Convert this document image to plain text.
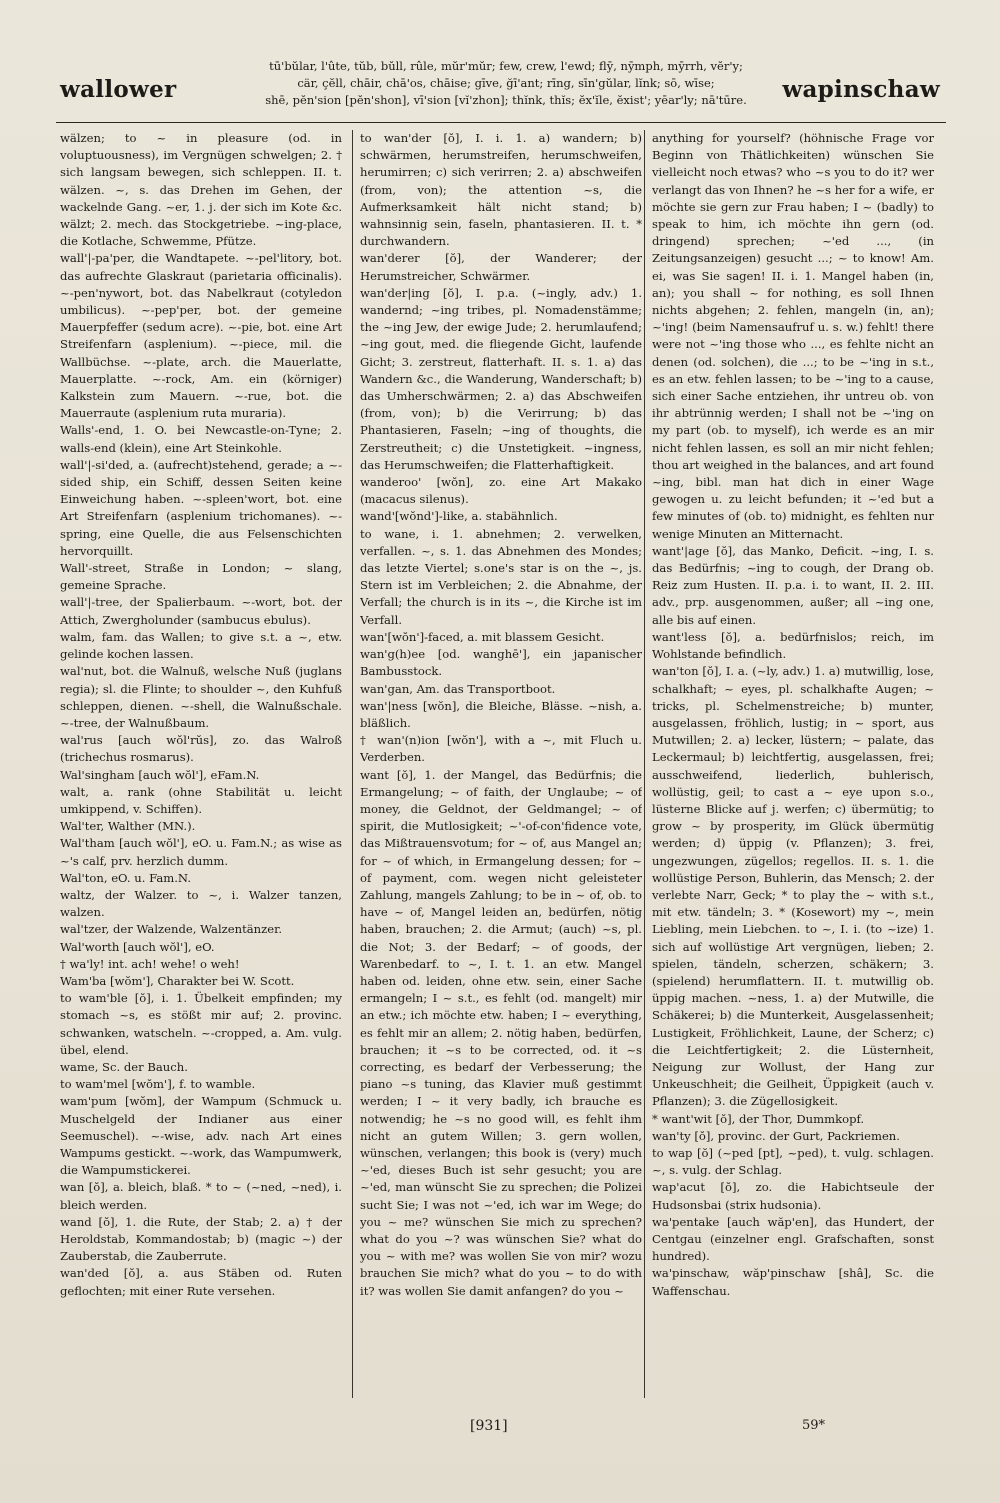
wallower
tū'bŭlar, l'ûte, tŭb, bŭll, rûle, mŭr'mŭr; few, crew, l'ewd; flȳ, nȳmph, mȳrrh, vĕr'y;
cär, çĕll, chāir, chā'os, chāise; gīve, ğī'ant; rīng, sīn'gŭlar, lĭnk; sō, wīse;
shē, pĕn'sion [pĕn'shon], vī'sion [vĭ'zhon]; thĭnk, thĭs; ĕx'ĭle, ĕxist'; yēar'ly; nā'tūre.	wapinschaw

wälzen; to ~ in pleasure (od. in voluptuousness), im Vergnügen schwelgen; 2. † sich langsam bewegen, sich schleppen. II. t. wälzen. ~, s. das Drehen im Gehen, der wackelnde Gang. ~er, 1. j. der sich im Kote &c. wälzt; 2. mech. das Stockgetriebe. ~ing-place, die Kotlache, Schwemme, Pfütze.

wall'|-pa'per, die Wandtapete. ~-pel'litory, bot. das aufrechte Glaskraut (parietaria officinalis). ~-pen'nywort, bot. das Nabelkraut (cotyledon umbilicus). ~-pep'per, bot. der gemeine Mauerpfeffer (sedum acre). ~-pie, bot. eine Art Streifenfarn (asplenium). ~-piece, mil. die Wallbüchse. ~-plate, arch. die Mauerlatte, Mauerplatte. ~-rock, Am. ein (körniger) Kalkstein zum Mauern. ~-rue, bot. die Mauerraute (asplenium ruta muraria).

Walls'-end, 1. O. bei Newcastle-on-Tyne; 2. walls-end (klein), eine Art Steinkohle.

wall'|-si'ded, a. (aufrecht)stehend, gerade; a ~-sided ship, ein Schiff, dessen Seiten keine Einweichung haben. ~-spleen'wort, bot. eine Art Streifenfarn (asplenium trichomanes). ~-spring, eine Quelle, die aus Felsenschichten hervorquillt.

Wall'-street, Straße in London; ~ slang, gemeine Sprache.

wall'|-tree, der Spalierbaum. ~-wort, bot. der Attich, Zwergholunder (sambucus ebulus).

walm, fam. das Wallen; to give s.t. a ~, etw. gelinde kochen lassen.

wal'nut, bot. die Walnuß, welsche Nuß (juglans regia); sl. die Flinte; to shoulder ~, den Kuhfuß schleppen, dienen. ~-shell, die Walnußschale. ~-tree, der Walnußbaum.

wal'rus [auch wŏl'rŭs], zo. das Walroß (trichechus rosmarus).

Wal'singham [auch wŏl'], eFam.N.

walt, a. rank (ohne Stabilität u. leicht umkippend, v. Schiffen).

Wal'ter, Walther (MN.).

Wal'tham [auch wŏl'], eO. u. Fam.N.; as wise as ~'s calf, prv. herzlich dumm.

Wal'ton, eO. u. Fam.N.

waltz, der Walzer. to ~, i. Walzer tanzen, walzen.

wal'tzer, der Walzende, Walzentänzer.

Wal'worth [auch wŏl'], eO.

† wa'ly! int. ach! wehe! o weh!

Wam'ba [wŏm'], Charakter bei W. Scott.

to wam'ble [ŏ], i. 1. Übelkeit empfinden; my stomach ~s, es stößt mir auf; 2. provinc. schwanken, watscheln. ~-cropped, a. Am. vulg. übel, elend.

wame, Sc. der Bauch.

to wam'mel [wŏm'], f. to wamble.

wam'pum [wŏm], der Wampum (Schmuck u. Muschelgeld der Indianer aus einer Seemuschel). ~-wise, adv. nach Art eines Wampums gestickt. ~-work, das Wampumwerk, die Wampumstickerei.

wan [ŏ], a. bleich, blaß. * to ~ (~ned, ~ned), i. bleich werden.

wand [ŏ], 1. die Rute, der Stab; 2. a) † der Heroldstab, Kommandostab; b) (magic ~) der Zauberstab, die Zauberrute.

wan'ded [ŏ], a. aus Stäben od. Ruten geflochten; mit einer Rute versehen.

to wan'der [ŏ], I. i. 1. a) wandern; b) schwärmen, herumstreifen, herumschweifen, herumirren; c) sich verirren; 2. a) abschweifen (from, von); the attention ~s, die Aufmerksamkeit hält nicht stand; b) wahnsinnig sein, faseln, phantasieren. II. t. * durchwandern.

wan'derer [ŏ], der Wanderer; der Herumstreicher, Schwärmer.

wan'der|ing [ŏ], I. p.a. (~ingly, adv.) 1. wandernd; ~ing tribes, pl. Nomadenstämme; the ~ing Jew, der ewige Jude; 2. herumlaufend; ~ing gout, med. die fliegende Gicht, laufende Gicht; 3. zerstreut, flatterhaft. II. s. 1. a) das Wandern &c., die Wanderung, Wanderschaft; b) das Umherschwärmen; 2. a) das Abschweifen (from, von); b) die Verirrung; b) das Phantasieren, Faseln; ~ing of thoughts, die Zerstreutheit; c) die Unstetigkeit. ~ingness, das Herumschweifen; die Flatterhaftigkeit.

wanderoo' [wŏn], zo. eine Art Makako (macacus silenus).

wand'[wŏnd']-like, a. stabähnlich.

to wane, i. 1. abnehmen; 2. verwelken, verfallen. ~, s. 1. das Abnehmen des Mondes; das letzte Viertel; s.one's star is on the ~, js. Stern ist im Verbleichen; 2. die Abnahme, der Verfall; the church is in its ~, die Kirche ist im Verfall.

wan'[wŏn']-faced, a. mit blassem Gesicht.

wan'g(h)ee [od. wanghē'], ein japanischer Bambusstock.

wan'gan, Am. das Transportboot.

wan'|ness [wŏn], die Bleiche, Blässe. ~nish, a. bläßlich.

† wan'(n)ion [wŏn'], with a ~, mit Fluch u. Verderben.

want [ŏ], 1. der Mangel, das Bedürfnis; die Ermangelung; ~ of faith, der Unglaube; ~ of money, die Geldnot, der Geldmangel; ~ of spirit, die Mutlosigkeit; ~'-of-con'fidence vote, das Mißtrauensvotum; for ~ of, aus Mangel an; for ~ of which, in Ermangelung dessen; for ~ of payment, com. wegen nicht geleisteter Zahlung, mangels Zahlung; to be in ~ of, ob. to have ~ of, Mangel leiden an, bedürfen, nötig haben, brauchen; 2. die Armut; (auch) ~s, pl. die Not; 3. der Bedarf; ~ of goods, der Warenbedarf. to ~, I. t. 1. an etw. Mangel haben od. leiden, ohne etw. sein, einer Sache ermangeln; I ~ s.t., es fehlt (od. mangelt) mir an etw.; ich möchte etw. haben; I ~ everything, es fehlt mir an allem; 2. nötig haben, bedürfen, brauchen; it ~s to be corrected, od. it ~s correcting, es bedarf der Verbesserung; the piano ~s tuning, das Klavier muß gestimmt werden; I ~ it very badly, ich brauche es notwendig; he ~s no good will, es fehlt ihm nicht an gutem Willen; 3. gern wollen, wünschen, verlangen; this book is (very) much ~'ed, dieses Buch ist sehr gesucht; you are ~'ed, man wünscht Sie zu sprechen; die Polizei sucht Sie; I was not ~'ed, ich war im Wege; do you ~ me? wünschen Sie mich zu sprechen? what do you ~? was wünschen Sie? what do you ~ with me? was wollen Sie von mir? wozu brauchen Sie mich? what do you ~ to do with it? was wollen Sie damit anfangen? do you ~

anything for yourself? (höhnische Frage vor Beginn von Thätlichkeiten) wünschen Sie vielleicht noch etwas? who ~s you to do it? wer verlangt das von Ihnen? he ~s her for a wife, er möchte sie gern zur Frau haben; I ~ (badly) to speak to him, ich möchte ihn gern (od. dringend) sprechen; ~'ed ..., (in Zeitungsanzeigen) gesucht ...; ~ to know! Am. ei, was Sie sagen! II. i. 1. Mangel haben (in, an); you shall ~ for nothing, es soll Ihnen nichts abgehen; 2. fehlen, mangeln (in, an); ~'ing! (beim Namensaufruf u. s. w.) fehlt! there were not ~'ing those who ..., es fehlte nicht an denen (od. solchen), die ...; to be ~'ing in s.t., es an etw. fehlen lassen; to be ~'ing to a cause, sich einer Sache entziehen, ihr untreu ob. von ihr abtrünnig werden; I shall not be ~'ing on my part (ob. to myself), ich werde es an mir nicht fehlen lassen, es soll an mir nicht fehlen; thou art weighed in the balances, and art found ~ing, bibl. man hat dich in einer Wage gewogen u. zu leicht befunden; it ~'ed but a few minutes of (ob. to) midnight, es fehlten nur wenige Minuten an Mitternacht.

want'|age [ŏ], das Manko, Deficit. ~ing, I. s. das Bedürfnis; ~ing to cough, der Drang ob. Reiz zum Husten. II. p.a. i. to want, II. 2. III. adv., prp. ausgenommen, außer; all ~ing one, alle bis auf einen.

want'less [ŏ], a. bedürfnislos; reich, im Wohlstande befindlich.

wan'ton [ŏ], I. a. (~ly, adv.) 1. a) mutwillig, lose, schalkhaft; ~ eyes, pl. schalkhafte Augen; ~ tricks, pl. Schelmenstreiche; b) munter, ausgelassen, fröhlich, lustig; in ~ sport, aus Mutwillen; 2. a) lecker, lüstern; ~ palate, das Leckermaul; b) leichtfertig, ausgelassen, frei; ausschweifend, liederlich, buhlerisch, wollüstig, geil; to cast a ~ eye upon s.o., lüsterne Blicke auf j. werfen; c) übermütig; to grow ~ by prosperity, im Glück übermütig werden; d) üppig (v. Pflanzen); 3. frei, ungezwungen, zügellos; regellos. II. s. 1. die wollüstige Person, Buhlerin, das Mensch; 2. der verlebte Narr, Geck; * to play the ~ with s.t., mit etw. tändeln; 3. * (Kosewort) my ~, mein Liebling, mein Liebchen. to ~, I. i. (to ~ize) 1. sich auf wollüstige Art vergnügen, lieben; 2. spielen, tändeln, scherzen, schäkern; 3. (spielend) herumflattern. II. t. mutwillig ob. üppig machen. ~ness, 1. a) der Mutwille, die Schäkerei; b) die Munterkeit, Ausgelassenheit; Lustigkeit, Fröhlichkeit, Laune, der Scherz; c) die Leichtfertigkeit; 2. die Lüsternheit, Neigung zur Wollust, der Hang zur Unkeuschheit; die Geilheit, Üppigkeit (auch v. Pflanzen); 3. die Zügellosigkeit.

* want'wit [ŏ], der Thor, Dummkopf.

wan'ty [ŏ], provinc. der Gurt, Packriemen.

to wap [ŏ] (~ped [pt], ~ped), t. vulg. schlagen. ~, s. vulg. der Schlag.

wap'acut [ŏ], zo. die Habichtseule der Hudsonsbai (strix hudsonia).

wa'pentake [auch wăp'en], das Hundert, der Centgau (einzelner engl. Grafschaften, sonst hundred).

wa'pinschaw, wăp'pinschaw [shâ], Sc. die Waffenschau.

[931]	59*
